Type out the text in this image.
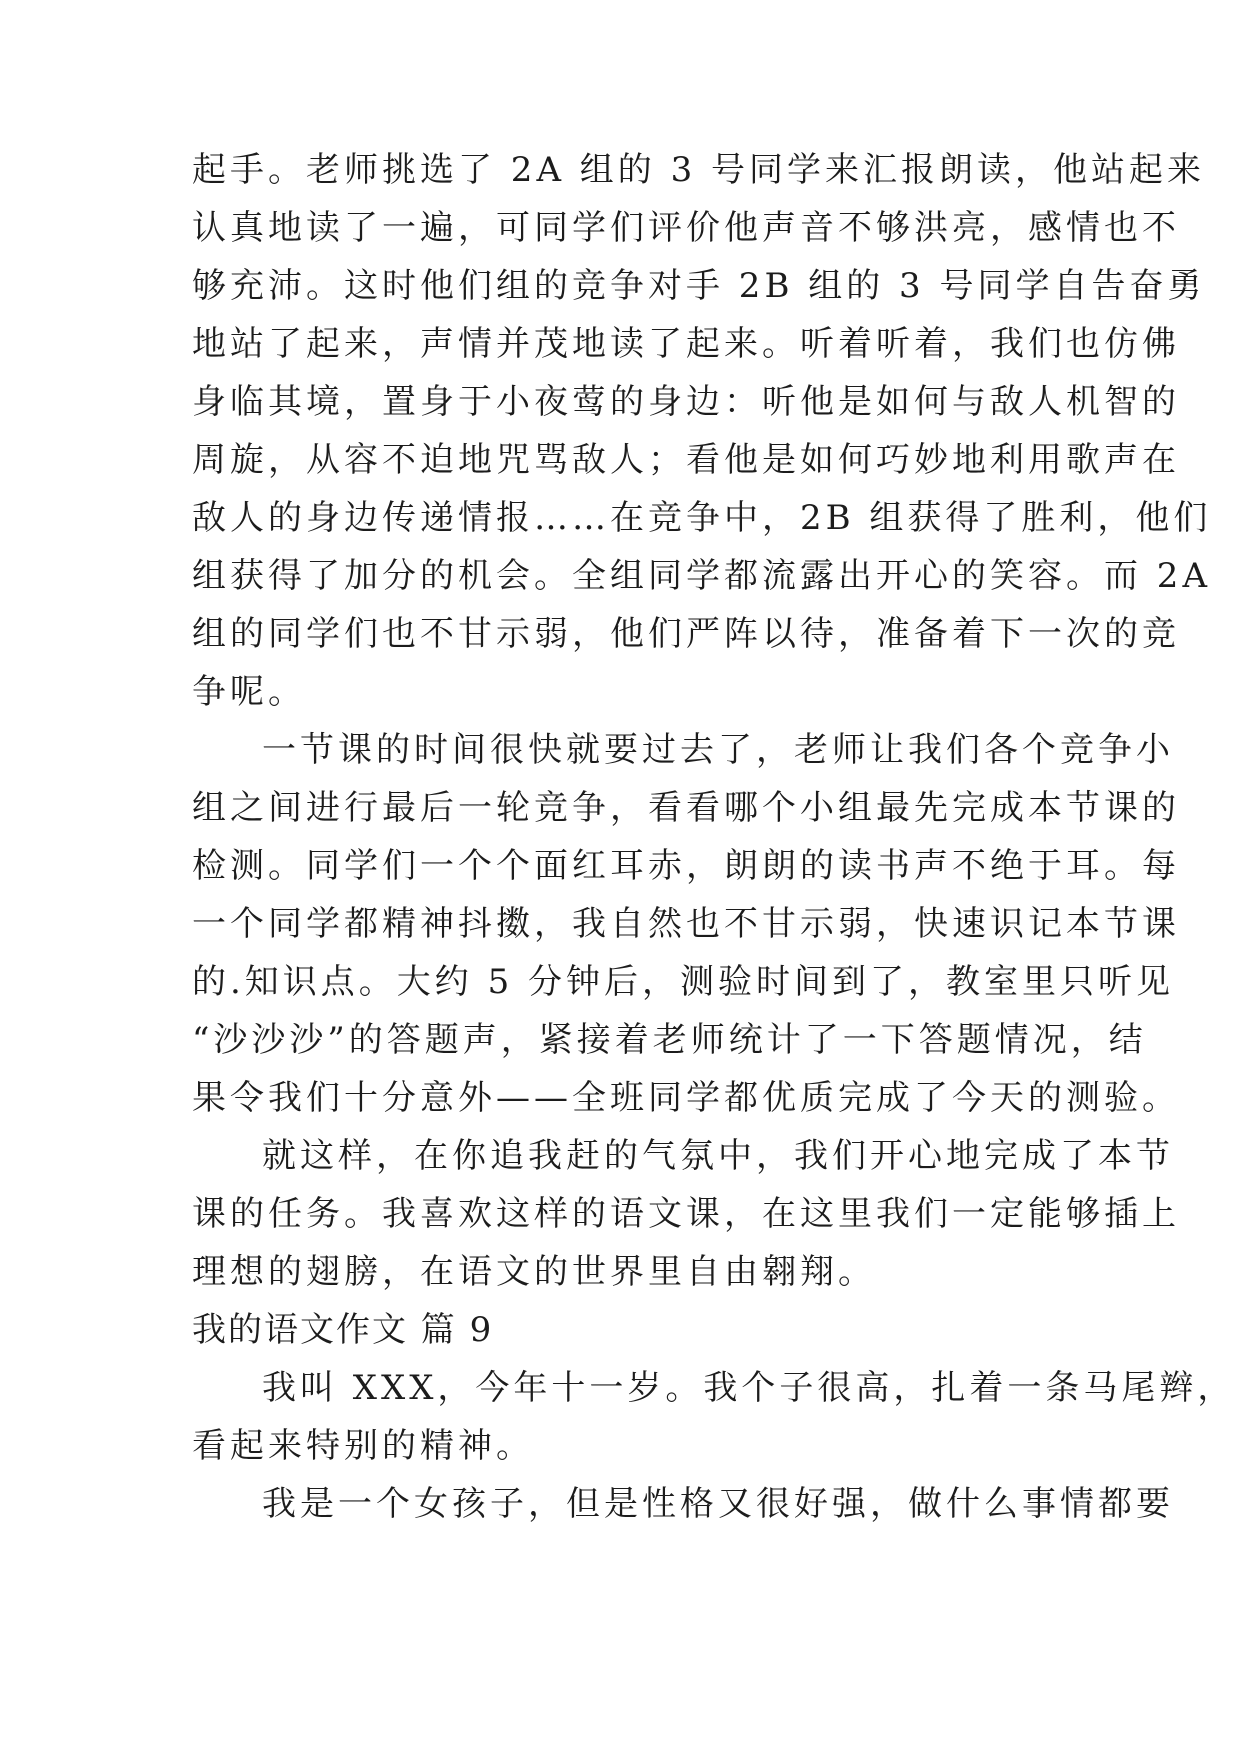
起手。老师挑选了 2A 组的 3 号同学来汇报朗读，他站起来
认真地读了一遍，可同学们评价他声音不够洪亮，感情也不
够充沛。这时他们组的竞争对手 2B 组的 3 号同学自告奋勇
地站了起来，声情并茂地读了起来。听着听着，我们也仿佛
身临其境，置身于小夜莺的身边：听他是如何与敌人机智的
周旋，从容不迫地咒骂敌人；看他是如何巧妙地利用歌声在
敌人的身边传递情报……在竞争中，2B 组获得了胜利，他们
组获得了加分的机会。全组同学都流露出开心的笑容。而 2A
组的同学们也不甘示弱，他们严阵以待，准备着下一次的竞
争呢。
一节课的时间很快就要过去了，老师让我们各个竞争小
组之间进行最后一轮竞争，看看哪个小组最先完成本节课的
检测。同学们一个个面红耳赤，朗朗的读书声不绝于耳。每
一个同学都精神抖擞，我自然也不甘示弱，快速识记本节课
的.知识点。大约 5 分钟后，测验时间到了，教室里只听见
“沙沙沙”的答题声，紧接着老师统计了一下答题情况，结
果令我们十分意外——全班同学都优质完成了今天的测验。
就这样，在你追我赶的气氛中，我们开心地完成了本节
课的任务。我喜欢这样的语文课，在这里我们一定能够插上
理想的翅膀，在语文的世界里自由翱翔。
我的语文作文 篇 9
我叫 XXX，今年十一岁。我个子很高，扎着一条马尾辫，
看起来特别的精神。
我是一个女孩子，但是性格又很好强，做什么事情都要
